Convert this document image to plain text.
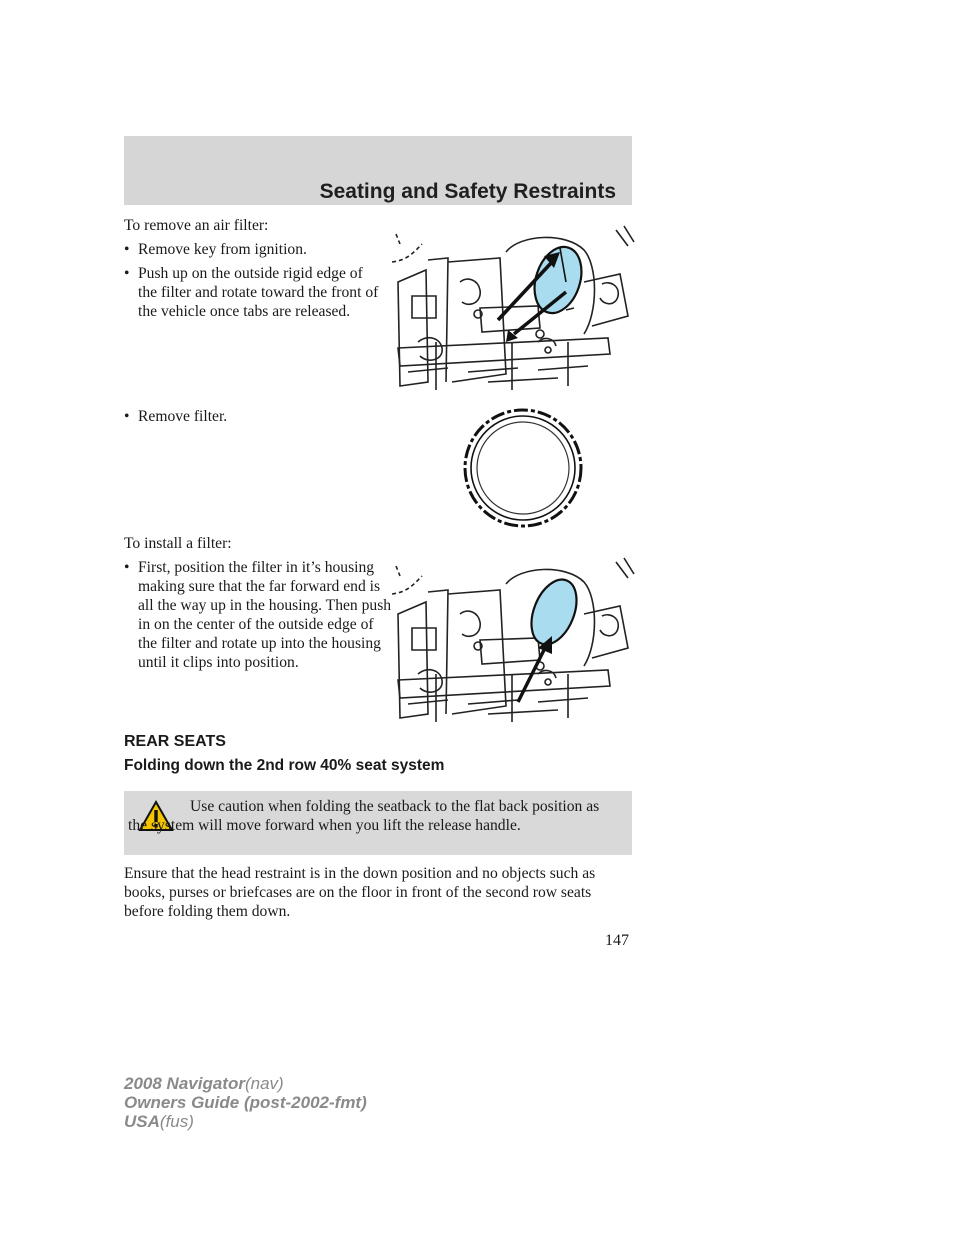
Seating and Safety Restraints
To remove an air filter:
• Remove key from ignition.
• Push up on the outside rigid edge of the filter and rotate toward the front of the vehicle once tabs are released.
• Remove filter.
To install a filter:
• First, position the filter in it’s housing making sure that the far forward end is all the way up in the housing. Then push in on the center of the outside edge of the filter and rotate up into the housing until it clips into position.
REAR SEATS
Folding down the 2nd row 40% seat system
Use caution when folding the seatback to the flat back position as the system will move forward when you lift the release handle.
Ensure that the head restraint is in the down position and no objects such as books, purses or briefcases are on the floor in front of the second row seats before folding them down.
147
2008 Navigator(nav)
Owners Guide (post-2002-fmt)
USA(fus)
